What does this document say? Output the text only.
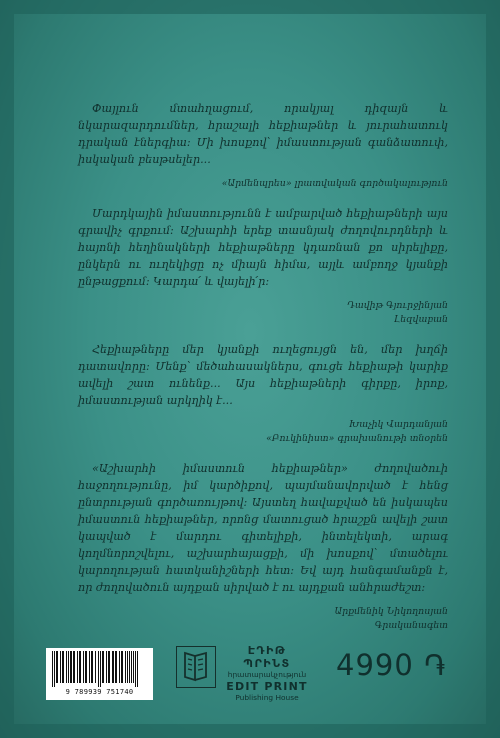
Փայլուն մտահղացում, որակյալ դիզայն և նկարազարդումներ, հրաշալի հեքիաթներ և յուրահատուկ դրական էներգիա: Մի խոսքով՝ իմաստության գանձատուփ, իսկական բեսթսելեր...

«Արմենպրես» լրատվական գործակալություն

Մարդկային իմաստությունն է ամբարված հեքիաթների այս գրավիչ գրքում: Աշխարհի երեք տասնյակ ժողովուրդների և հայոնի հեղինակների հեքիաթները կդառնան քո սիրելիքը, ընկերն ու ուղեկիցը ոչ միայն հիմա, այլև ամբողջ կյանքի ընթացքում: Կարդա՛ և վայելի՛ր:

Դավիթ Գյուրջինյան
Լեզվաբան

Հեքիաթները մեր կյանքի ուղեցույցն են, մեր խղճի դատավորը: Մենք՝ մեծահասակներս, գուցե հեքիաթի կարիք ավելի շատ ունենք... Այս հեքիաթների գիրքը, իրոք, իմաստության արկղիկ է...

Խաչիկ Վարդանյան
«Բուկինիստ» գրախանութի տնօրեն

«Աշխարհի իմաստուն հեքիաթներ» ժողովածուի հաջողությունը, իմ կարծիքով, պայմանավորված է հենց ընտրության գործառույթով: Այստեղ հավաքված են իսկապես իմաստուն հեքիաթներ, որոնց մատուցած հրաշքն ավելի շատ կապված է մարդու գիտելիքի, ինտելեկտի, արագ կողմնորոշվելու, աշխարհայացքի, մի խոսքով՝ մտածելու կարողության հատկանիշների հետ: Եվ այդ հանգամանքն է, որ ժողովածուն այդքան սիրված է ու այդքան անհրաժեշտ:

Արքմենիկ Նիկողոսյան
Գրականագետ

9 789939 751740
ԷԴԻԹ ՊՐԻՆՏ
հրատարակչություն
EDIT PRINT
Publishing House
4990 ֏
